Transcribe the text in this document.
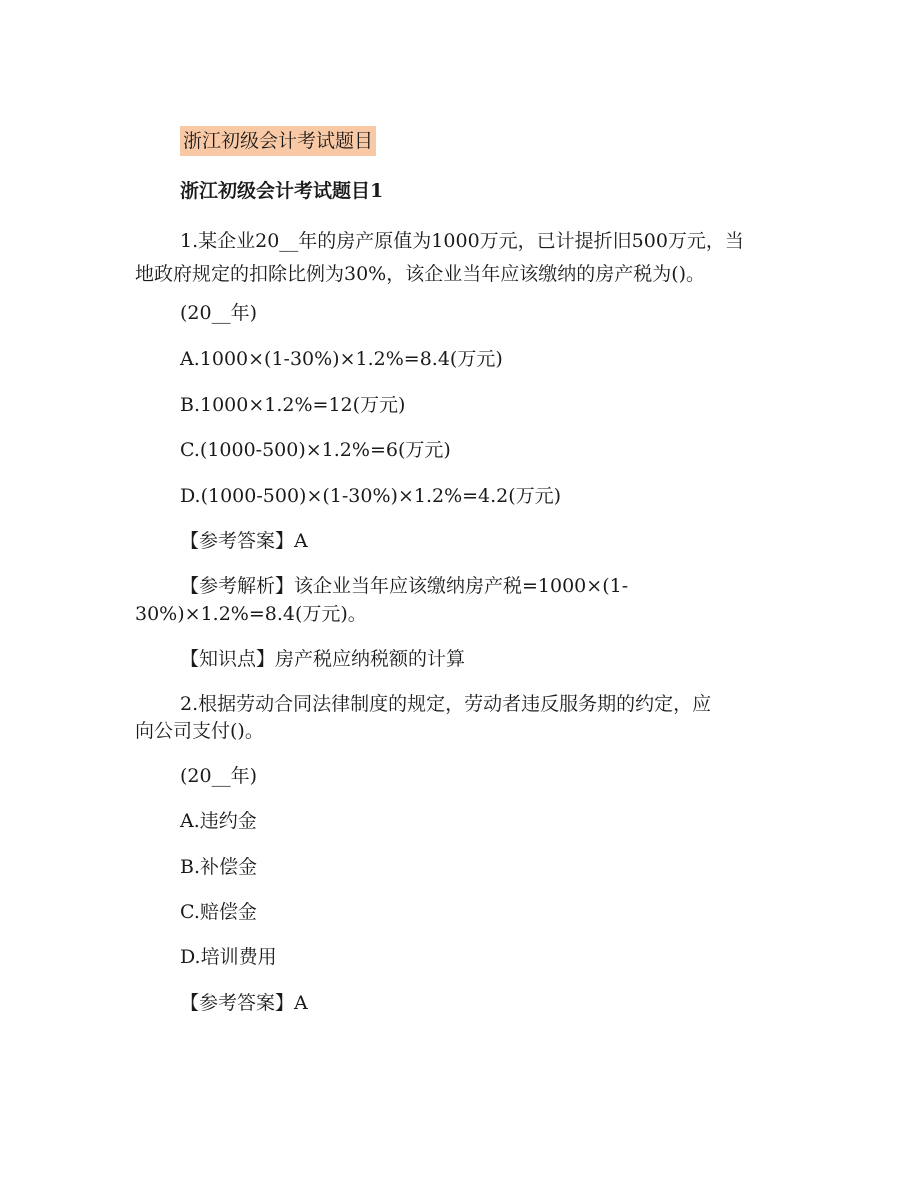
浙江初级会计考试题目
浙江初级会计考试题目1
1.某企业20__年的房产原值为1000万元，已计提折旧500万元，当
地政府规定的扣除比例为30%，该企业当年应该缴纳的房产税为()。
(20__年)
A.1000×(1-30%)×1.2%=8.4(万元)
B.1000×1.2%=12(万元)
C.(1000-500)×1.2%=6(万元)
D.(1000-500)×(1-30%)×1.2%=4.2(万元)
【参考答案】A
【参考解析】该企业当年应该缴纳房产税=1000×(1-
30%)×1.2%=8.4(万元)。
【知识点】房产税应纳税额的计算
2.根据劳动合同法律制度的规定，劳动者违反服务期的约定，应
向公司支付()。
(20__年)
A.违约金
B.补偿金
C.赔偿金
D.培训费用
【参考答案】A
